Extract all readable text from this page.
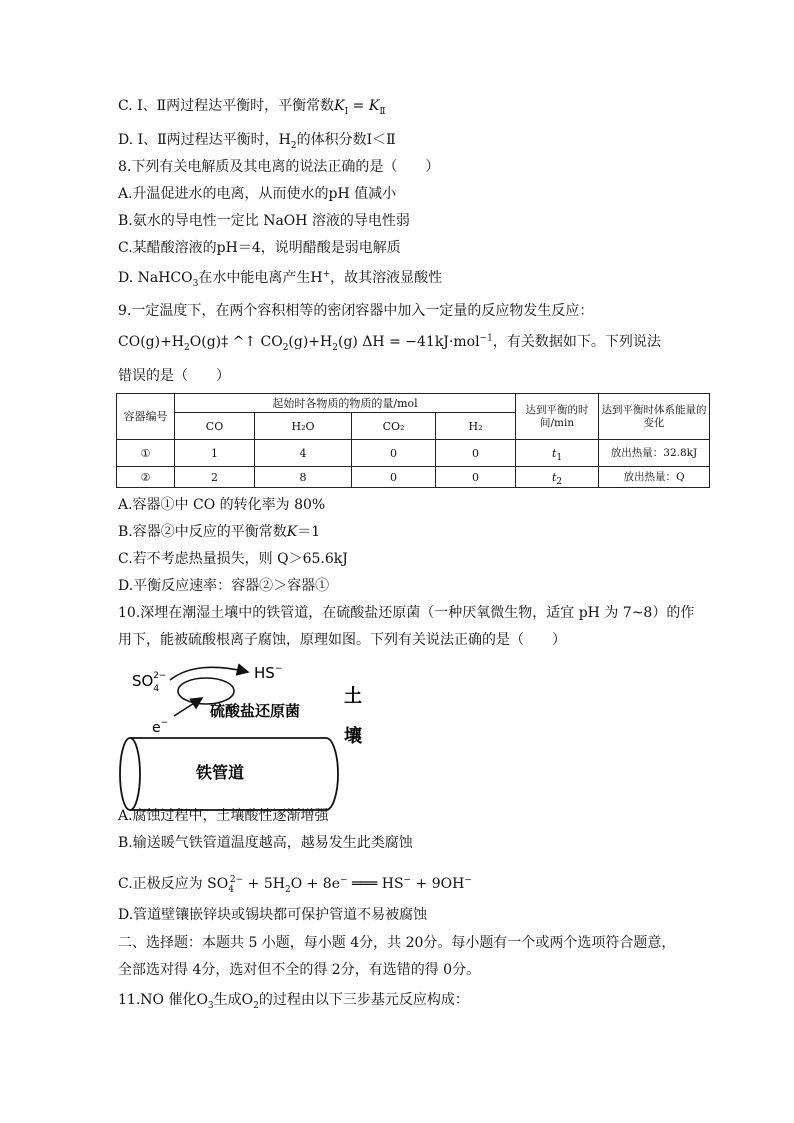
C. Ⅰ、Ⅱ两过程达平衡时，平衡常数$K_Ⅰ = K_Ⅱ$
D. Ⅰ、Ⅱ两过程达平衡时，$H_2$的体积分数Ⅰ＜Ⅱ
8.下列有关电解质及其电离的说法正确的是（　　）
A.升温促进水的电离，从而使水的pH 值减小
B.氨水的导电性一定比 NaOH 溶液的导电性弱
C.某醋酸溶液的pH＝4，说明醋酸是弱电解质
D. NaHCO$_3$在水中能电离产生H+，故其溶液显酸性
9.一定温度下，在两个容积相等的密闭容器中加入一定量的反应物发生反应：
$CO(g)+H_2O(g)\ddagger$ ^↑ $CO_2(g)+H_2(g) \Delta H = -41kJ\cdot mol^{-1}$，有关数据如下。下列说法
错误的是（　　）
容器编号	起始时各物质的物质的量/mol				达到平衡的时间/min	达到平衡时体系能量的变化
	CO	H₂O	CO₂	H₂		
①	1	4	0	0	$t_1$	放出热量：32.8kJ
②	2	8	0	0	$t_2$	放出热量：Q
A.容器①中 CO 的转化率为 80%
B.容器②中反应的平衡常数K＝1
C.若不考虑热量损失，则 Q＞65.6kJ
D.平衡反应速率：容器②＞容器①
10.深埋在潮湿土壤中的铁管道，在硫酸盐还原菌（一种厌氧微生物，适宜 pH 为 7~8）的作
用下，能被硫酸根离子腐蚀，原理如图。下列有关说法正确的是（　　）
$SO_42-$	HS−
e−
硫酸盐还原菌
土
壤
铁管道
A.腐蚀过程中，土壤酸性逐渐增强
B.输送暖气铁管道温度越高，越易发生此类腐蚀
C.正极反应为 $SO_4^{2-} + 5H_2O + 8e^-$ ═══ HS− + 9OH−
D.管道壁镶嵌锌块或锡块都可保护管道不易被腐蚀
二、选择题：本题共 5 小题，每小题 4分，共 20分。每小题有一个或两个选项符合题意，
全部选对得 4分，选对但不全的得 2分，有选错的得 0分。
11.NO 催化$O_3$生成$O_2$的过程由以下三步基元反应构成：
